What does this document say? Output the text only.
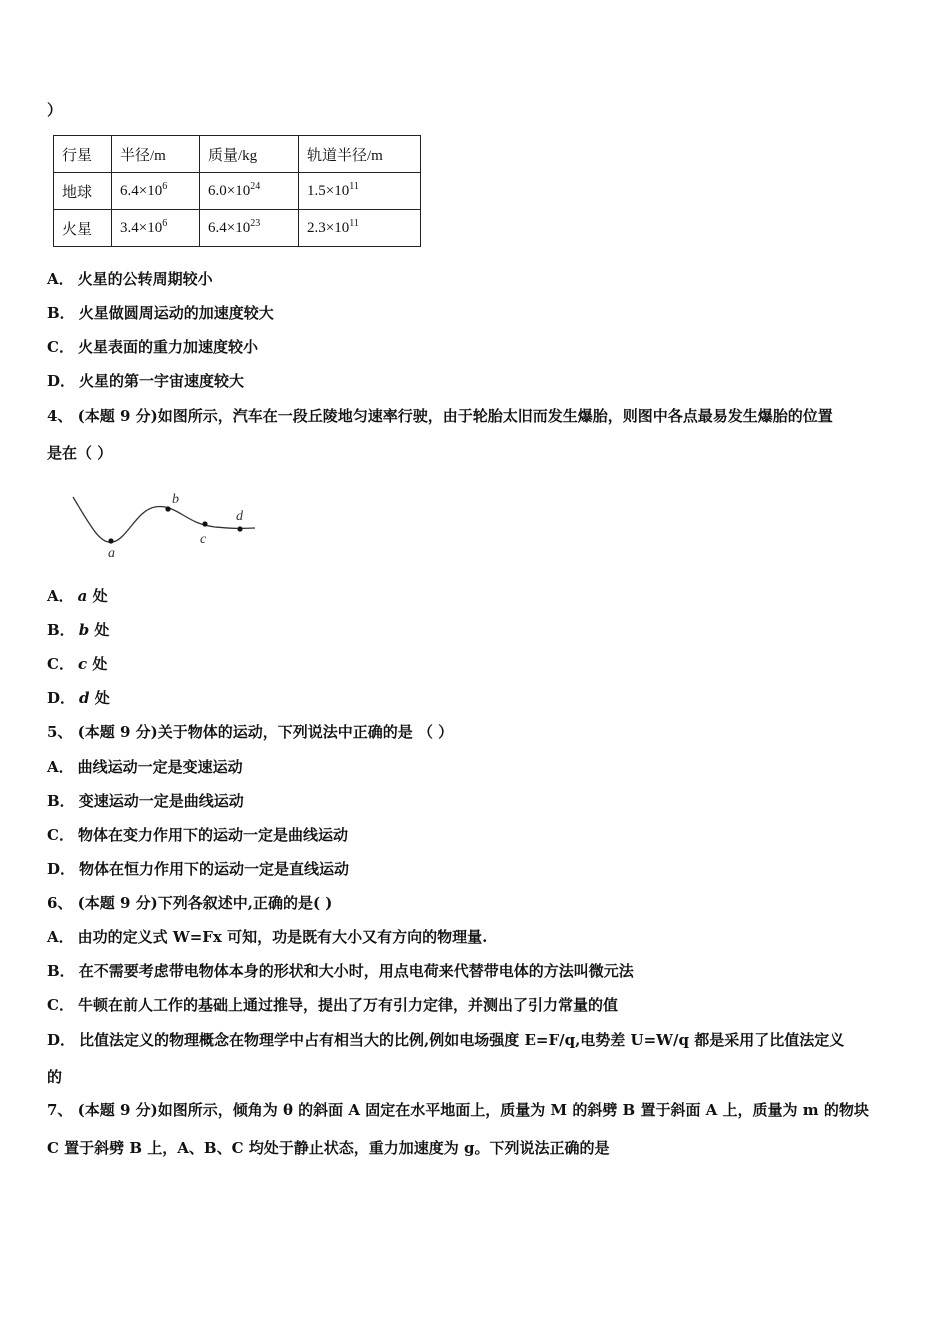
）
行星	半径/m	质量/kg	轨道半径/m
地球	$6.4\times 10^6$	$6.0\times 10^{24}$	$1.5\times 10^{11}$
火星	$3.4\times 10^6$	$6.4\times 10^{23}$	$2.3\times 10^{11}$
A． 火星的公转周期较小
B． 火星做圆周运动的加速度较大
C． 火星表面的重力加速度较小
D． 火星的第一宇宙速度较大
4、 (本题 9 分)如图所示，汽车在一段丘陵地匀速率行驶，由于轮胎太旧而发生爆胎，则图中各点最易发生爆胎的位置
是在（ ）
a
b
c
d
A． a 处
B． b 处
C． c 处
D． d 处
5、 (本题 9 分)关于物体的运动，下列说法中正确的是 （ ）
A． 曲线运动一定是变速运动
B． 变速运动一定是曲线运动
C． 物体在变力作用下的运动一定是曲线运动
D． 物体在恒力作用下的运动一定是直线运动
6、 (本题 9 分)下列各叙述中,正确的是( )
A． 由功的定义式 W=Fx 可知，功是既有大小又有方向的物理量.
B． 在不需要考虑带电物体本身的形状和大小时，用点电荷来代替带电体的方法叫微元法
C． 牛顿在前人工作的基础上通过推导，提出了万有引力定律，并测出了引力常量的值
D． 比值法定义的物理概念在物理学中占有相当大的比例,例如电场强度 E=F/q,电势差 U=W/q 都是采用了比值法定义
的
7、 (本题 9 分)如图所示，倾角为 θ 的斜面 A 固定在水平地面上，质量为 M 的斜劈 B 置于斜面 A 上，质量为 m 的物块
C 置于斜劈 B 上，A、B、C 均处于静止状态，重力加速度为 g。下列说法正确的是
